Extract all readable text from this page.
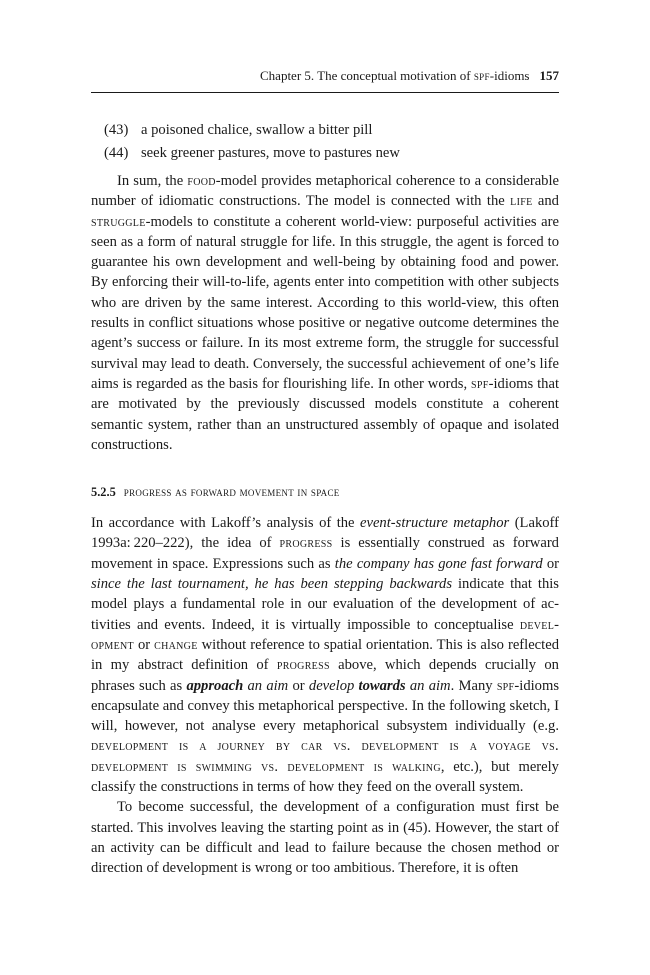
Chapter 5. The conceptual motivation of spf-idioms 157
(43) a poisoned chalice, swallow a bitter pill
(44) seek greener pastures, move to pastures new

In sum, the food-model provides metaphorical coherence to a considerable number of idiomatic constructions. The model is connected with the life and struggle-models to constitute a coherent world-view: purposeful activities are seen as a form of natural struggle for life. In this struggle, the agent is forced to guarantee his own development and well-being by obtaining food and power. By enforcing their will-to-life, agents enter into competition with other subjects who are driven by the same interest. According to this world-view, this often results in conflict situations whose positive or negative outcome determines the agent’s success or failure. In its most extreme form, the struggle for successful survival may lead to death. Conversely, the successful achievement of one’s life aims is regarded as the basis for flourishing life. In other words, spf-idioms that are motivated by the previously discussed models constitute a coherent semantic system, rather than an unstructured assembly of opaque and isolated constructions.

5.2.5 progress as forward movement in space

In accordance with Lakoff’s analysis of the event-structure metaphor (Lakoff 1993a: 220–222), the idea of progress is essentially construed as forward movement in space. Expressions such as the company has gone fast forward or since the last tournament, he has been stepping backwards indicate that this model plays a fundamental role in our evaluation of the development of activities and events. Indeed, it is virtually impossible to conceptualise development or change without reference to spatial orientation. This is also reflected in my abstract definition of progress above, which depends crucially on phrases such as approach an aim or develop towards an aim. Many spf-idioms encapsulate and convey this metaphorical perspective. In the following sketch, I will, however, not analyse every metaphorical subsystem individually (e.g. development is a journey by car vs. development is a voyage vs. development is swimming vs. development is walking, etc.), but merely classify the constructions in terms of how they feed on the overall system.

To become successful, the development of a configuration must first be started. This involves leaving the starting point as in (45). However, the start of an activity can be difficult and lead to failure because the chosen method or direction of development is wrong or too ambitious. Therefore, it is often
